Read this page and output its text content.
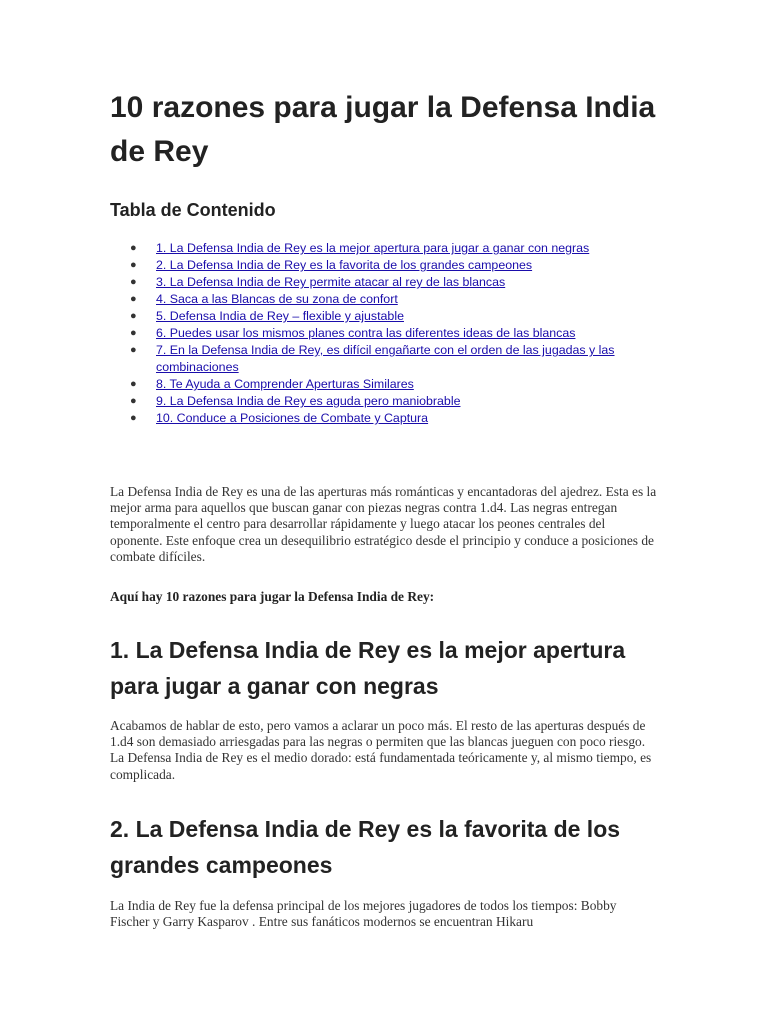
10 razones para jugar la Defensa India de Rey
Tabla de Contenido
● 1. La Defensa India de Rey es la mejor apertura para jugar a ganar con negras
● 2. La Defensa India de Rey es la favorita de los grandes campeones
● 3. La Defensa India de Rey permite atacar al rey de las blancas
● 4. Saca a las Blancas de su zona de confort
● 5. Defensa India de Rey – flexible y ajustable
● 6. Puedes usar los mismos planes contra las diferentes ideas de las blancas
● 7. En la Defensa India de Rey, es difícil engañarte con el orden de las jugadas y las combinaciones
● 8. Te Ayuda a Comprender Aperturas Similares
● 9. La Defensa India de Rey es aguda pero maniobrable
● 10. Conduce a Posiciones de Combate y Captura

La Defensa India de Rey es una de las aperturas más románticas y encantadoras del ajedrez. Esta es la mejor arma para aquellos que buscan ganar con piezas negras contra 1.d4. Las negras entregan temporalmente el centro para desarrollar rápidamente y luego atacar los peones centrales del oponente. Este enfoque crea un desequilibrio estratégico desde el principio y conduce a posiciones de combate difíciles.

Aquí hay 10 razones para jugar la Defensa India de Rey:

1. La Defensa India de Rey es la mejor apertura para jugar a ganar con negras

Acabamos de hablar de esto, pero vamos a aclarar un poco más. El resto de las aperturas después de 1.d4 son demasiado arriesgadas para las negras o permiten que las blancas jueguen con poco riesgo. La Defensa India de Rey es el medio dorado: está fundamentada teóricamente y, al mismo tiempo, es complicada.

2. La Defensa India de Rey es la favorita de los grandes campeones

La India de Rey fue la defensa principal de los mejores jugadores de todos los tiempos: Bobby Fischer y Garry Kasparov . Entre sus fanáticos modernos se encuentran Hikaru
